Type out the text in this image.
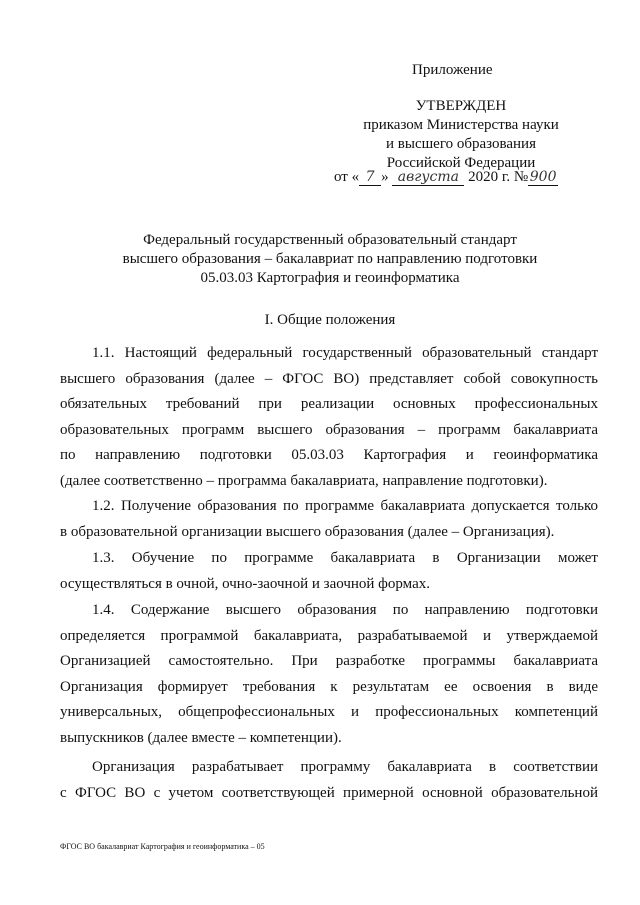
Приложение
УТВЕРЖДЕН
приказом Министерства науки
и высшего образования
Российской Федерации
от « 7 » августа 2020 г. № 900
Федеральный государственный образовательный стандарт
высшего образования – бакалавриат по направлению подготовки
05.03.03 Картография и геоинформатика
I. Общие положения
1.1. Настоящий федеральный государственный образовательный стандарт
высшего образования (далее – ФГОС ВО) представляет собой совокупность
обязательных требований при реализации основных профессиональных
образовательных программ высшего образования – программ бакалавриата
по направлению подготовки 05.03.03 Картография и геоинформатика
(далее соответственно – программа бакалавриата, направление подготовки).
1.2. Получение образования по программе бакалавриата допускается только
в образовательной организации высшего образования (далее – Организация).
1.3. Обучение по программе бакалавриата в Организации может
осуществляться в очной, очно-заочной и заочной формах.
1.4. Содержание высшего образования по направлению подготовки
определяется программой бакалавриата, разрабатываемой и утверждаемой
Организацией самостоятельно. При разработке программы бакалавриата
Организация формирует требования к результатам ее освоения в виде
универсальных, общепрофессиональных и профессиональных компетенций
выпускников (далее вместе – компетенции).
Организация разрабатывает программу бакалавриата в соответствии
с ФГОС ВО с учетом соответствующей примерной основной образовательной
ФГОС ВО бакалавриат Картография и геоинформатика – 05
